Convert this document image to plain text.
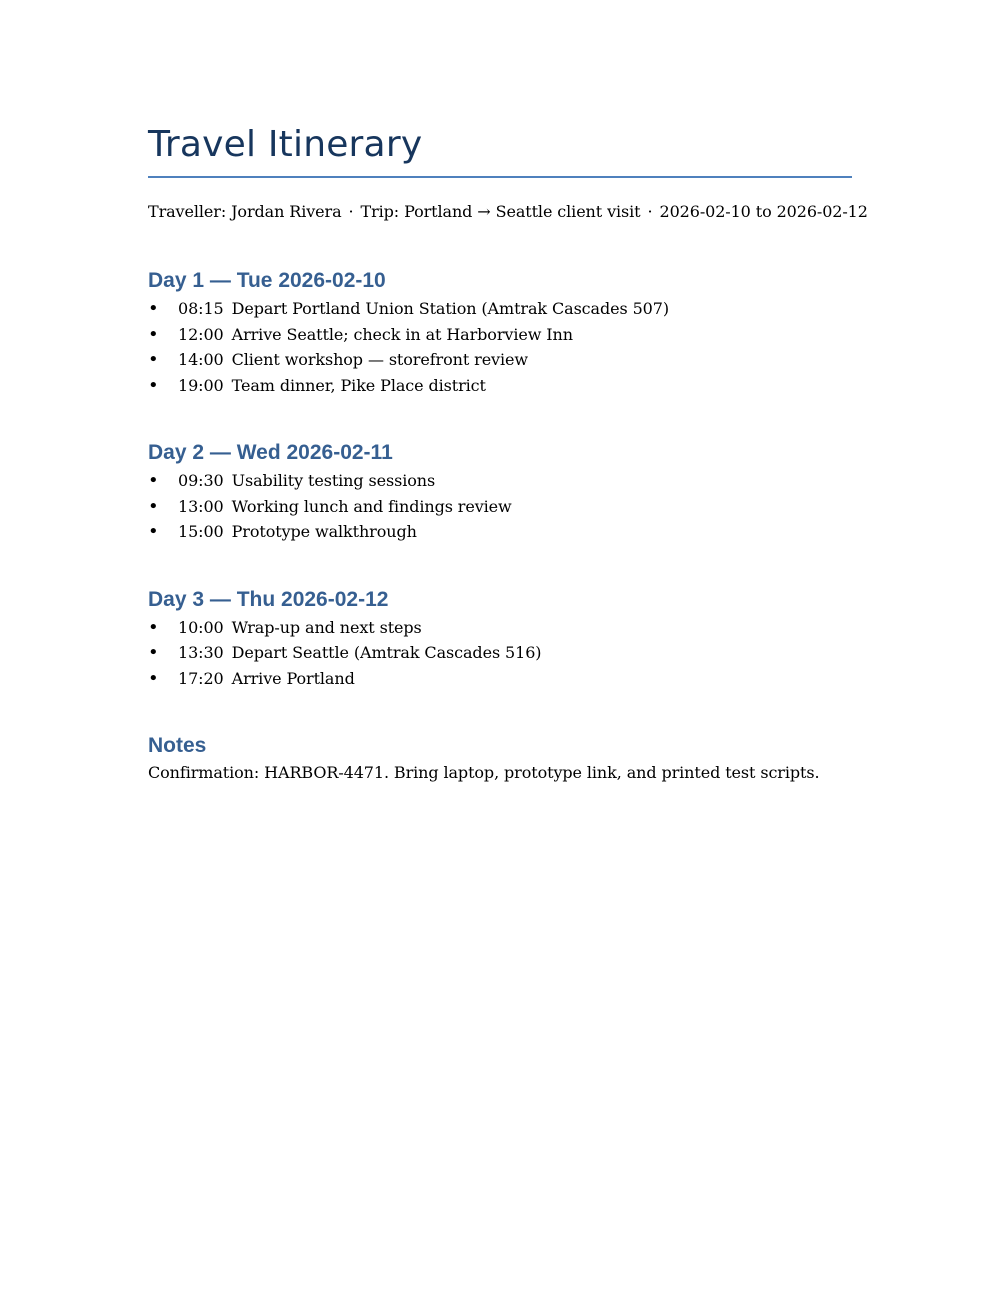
Travel Itinerary
Traveller: Jordan Rivera · Trip: Portland → Seattle client visit · 2026-02-10 to 2026-02-12
Day 1 — Tue 2026-02-10
• 08:15 Depart Portland Union Station (Amtrak Cascades 507)
• 12:00 Arrive Seattle; check in at Harborview Inn
• 14:00 Client workshop — storefront review
• 19:00 Team dinner, Pike Place district
Day 2 — Wed 2026-02-11
• 09:30 Usability testing sessions
• 13:00 Working lunch and findings review
• 15:00 Prototype walkthrough
Day 3 — Thu 2026-02-12
• 10:00 Wrap-up and next steps
• 13:30 Depart Seattle (Amtrak Cascades 516)
• 17:20 Arrive Portland
Notes

Confirmation: HARBOR-4471. Bring laptop, prototype link, and printed test scripts.
